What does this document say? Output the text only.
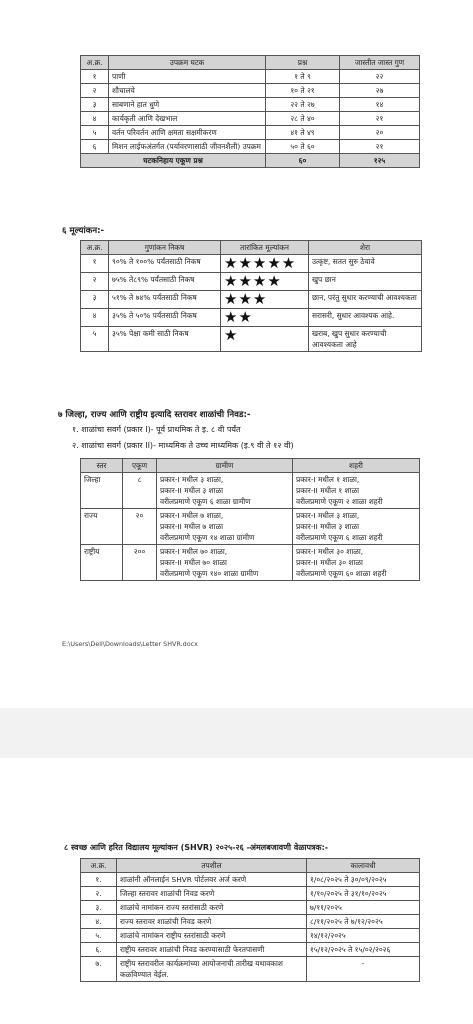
अ.क्र.	उपक्रम घटक	प्रश्न	जास्तीत जास्त गुण
१	पाणी	१ ते ९	२२
२	शौचालये	१० ते २१	२७
३	साबणाने हात धुणे	२२ ते २७	१४
४	कार्यकृती आणि देखभाल	२८ ते ४०	२१
५	वर्तन परिवर्तन आणि क्षमता सक्षमीकरण	४१ ते ४९	२०
६	मिशन लाईफअंतर्गत (पर्यावरणासाठी जीवनशैली) उपक्रम	५० ते ६०	२१
घटकनिहाय एकूण प्रश्न		६०	१२५
६ मूल्यांकन:-
अ.क्र.	गुणांकन निकष	तारांकित मूल्यांकन	शेरा
१	९०% ते १००% पर्यंतसाठी निकष	★★★★★	उत्कृष्ट, सतत सुरु ठेवावे
२	७५% ते८९% पर्यंतसाठी निकष	★★★★	खुप छान
३	५१% ते ७४% पर्यंतसाठी निकष	★★★	छान, परंतु सुधार करण्याची आवश्यकता
४	३५% ते ५०% पर्यंतसाठी निकष	★★	सरासरी, सुधार आवश्यक आहे.
५	३५% पेक्षा कमी साठी निकष	★	खराब, खुप सुधार करण्याची आवश्यकता आहे
७ जिल्हा, राज्य आणि राष्ट्रीय इत्यादि स्तरावर शाळांची निवड:-
१. शाळांचा सवर्ग (प्रकार I)- पूर्व प्राथमिक ते इ. ८ वी पर्यंत
२. शाळांचा सवर्ग (प्रकार II)- माध्यमिक ते उच्च माध्यमिक (इ.९ वी ते १२ वी)
स्तर	एकूण	ग्रामीण	शहरी
जिल्हा	८	प्रकार-I मधील ३ शाळा,
प्रकार-II मधील ३ शाळा
वरीलप्रमाणे एकूण ६ शाळा ग्रामीण	प्रकार-I मधील १ शाळा,
प्रकार-II मधील १ शाळा
वरीलप्रमाणे एकूण २ शाळा शहरी

राज्य	२०	प्रकार-I मधील ७ शाळा,
प्रकार-II मधील ७ शाळा
वरीलप्रमाणे एकूण १४ शाळा ग्रामीण	प्रकार-I मधील ३ शाळा,
प्रकार-II मधील ३ शाळा
वरीलप्रमाणे एकूण ६ शाळा शहरी

राष्ट्रीय	२००	प्रकार-I मधील ७० शाळा,
प्रकार-II मधील ७० शाळा
वरीलप्रमाणे एकूण १४० शाळा ग्रामीण	प्रकार-I मधील ३० शाळा,
प्रकार-II मधील ३० शाळा
वरीलप्रमाणे एकूण ६० शाळा शहरी
E:\Users\Dell\Downloads\Letter SHVR.docx
८ स्वच्छ आणि हरित विद्यालय मूल्यांकन (SHVR) २०२५-२६ -अंमलबजावणी वेळापत्रक:-
अ.क्र.	तपशील	कालावधी
१.	शाळांनी ऑनलाईन SHVR पोर्टलवर अर्ज करणे	१/०८/२०२५ ते ३०/०९/२०२५
२.	जिल्हा स्तरावर शाळांची निवड करणे	१/१०/२०२५ ते ३१/१०/२०२५
३.	शाळांचे नामांकन राज्य स्तरांसाठी करणे	७/११/२०२५
४.	राज्य स्तरावर शाळांची निवड करणे	८/११/२०२५ ते ७/१२/२०२५
५.	शाळांचे नामांकन राष्ट्रीय स्तरांसाठी करणे	१४/१२/२०२५
६.	राष्ट्रीय स्तरावर शाळांची निवड करण्यासाठी फेरतपासणी	१५/१२/२०२५ ते १५/०२/२०२६
७.	राष्ट्रीय स्तरावरील कार्यक्रमांच्या आयोजनाची तारीख यथावकाश कळविण्यात येईल.	-
